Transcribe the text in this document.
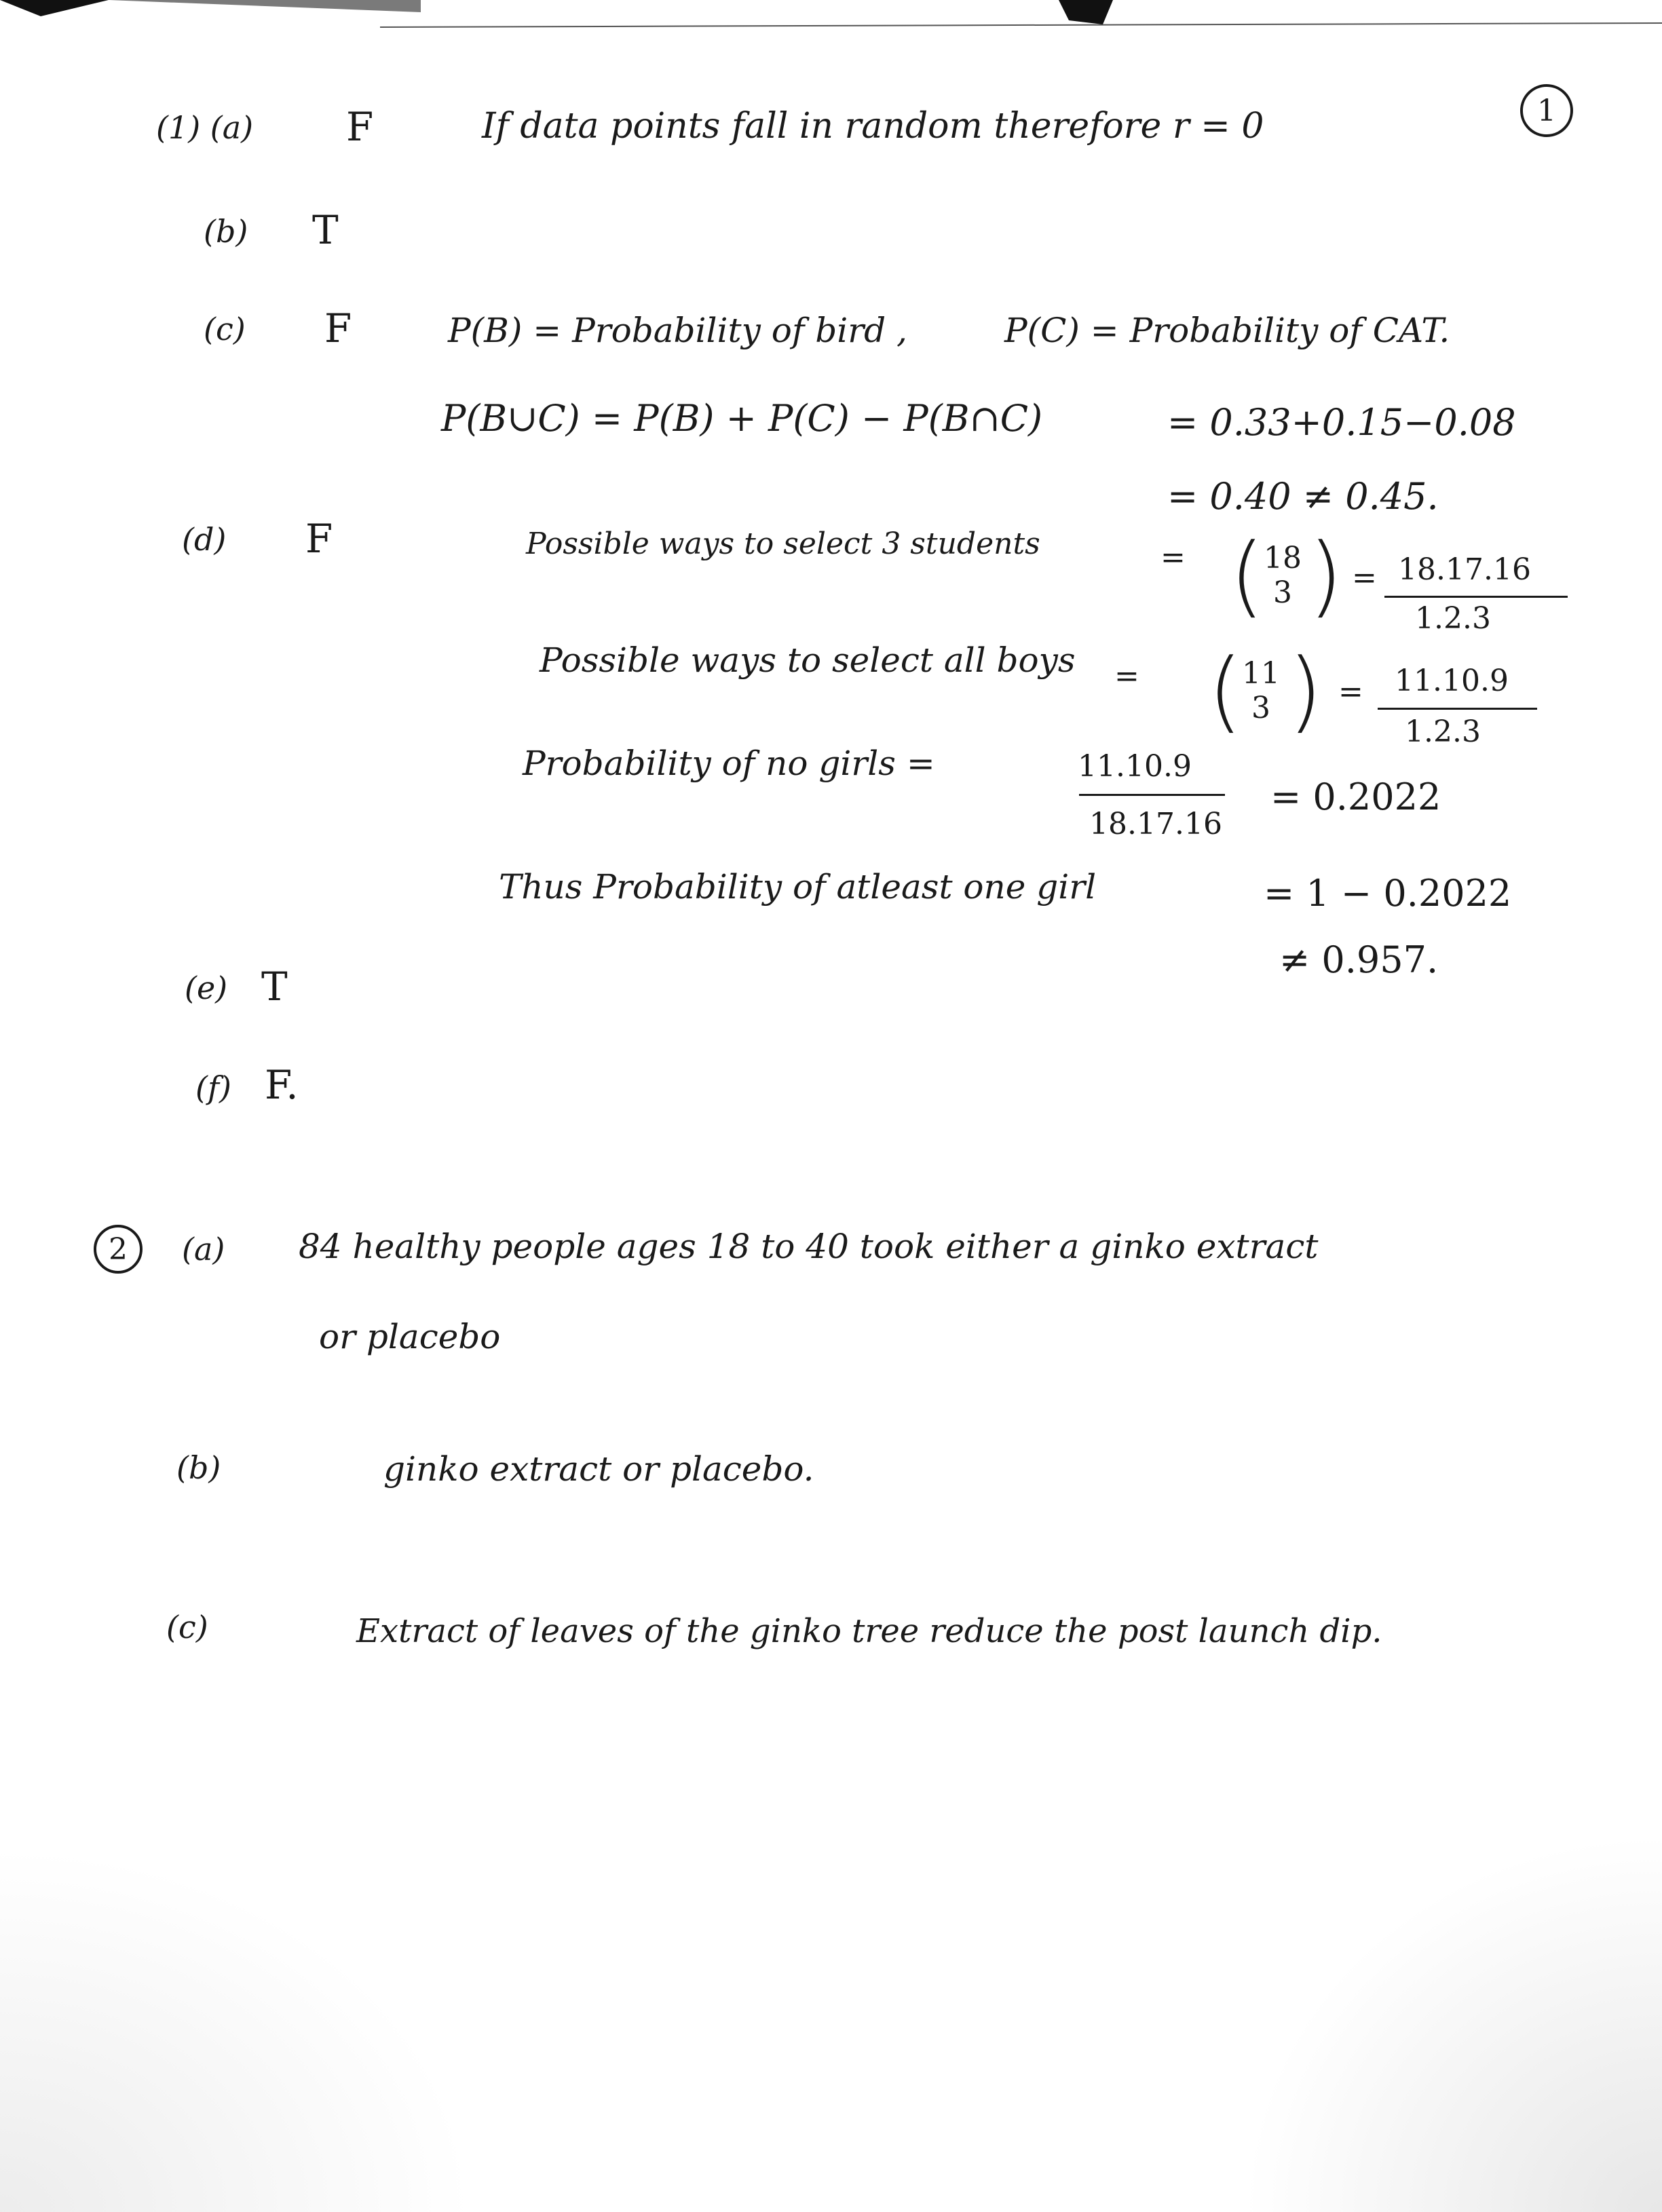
1
(1) (a) F	If data points fall in random therefore r = 0
(b) T
(c) F	P(B) = Probability of bird ,	P(C) = Probability of CAT.
P(B∪C) = P(B) + P(C) − P(B∩C)	= 0.33+0.15−0.08
= 0.40 ≠ 0.45.
(d) F	Possible ways to select 3 students	= ( 18
3 ) = 18.17.16
1.2.3
Possible ways to select all boys = ( 11
3 ) = 11.10.9
1.2.3
Probability of no girls =	11.10.9
18.17.16
= 0.2022
Thus Probability of atleast one girl	= 1 − 0.2022
≠ 0.957.
(e) T
(f) F.
2 (a) 84 healthy people ages 18 to 40 took either a ginko extract
or placebo
(b)	ginko extract or placebo.
(c)	Extract of leaves of the ginko tree reduce the post launch dip.
